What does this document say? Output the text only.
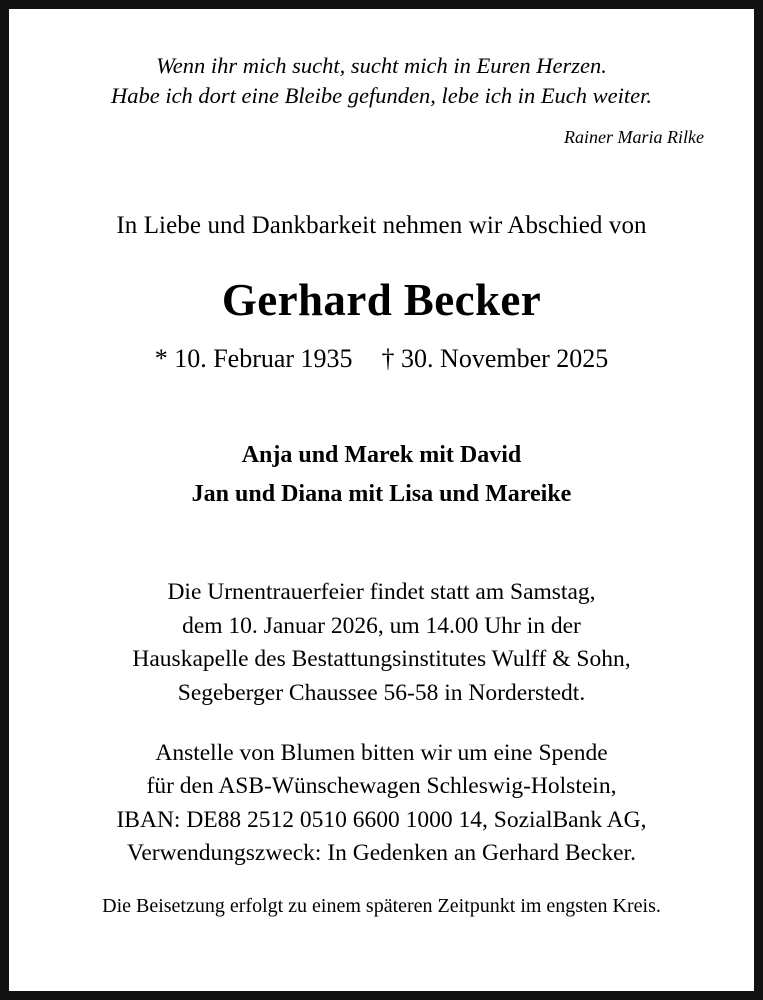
Wenn ihr mich sucht, sucht mich in Euren Herzen.
Habe ich dort eine Bleibe gefunden, lebe ich in Euch weiter.
Rainer Maria Rilke
In Liebe und Dankbarkeit nehmen wir Abschied von
Gerhard Becker
* 10. Februar 1935 † 30. November 2025
Anja und Marek mit David
Jan und Diana mit Lisa und Mareike
Die Urnentrauerfeier findet statt am Samstag,
dem 10. Januar 2026, um 14.00 Uhr in der
Hauskapelle des Bestattungsinstitutes Wulff & Sohn,
Segeberger Chaussee 56-58 in Norderstedt.
Anstelle von Blumen bitten wir um eine Spende
für den ASB-Wünschewagen Schleswig-Holstein,
IBAN: DE88 2512 0510 6600 1000 14, SozialBank AG,
Verwendungszweck: In Gedenken an Gerhard Becker.
Die Beisetzung erfolgt zu einem späteren Zeitpunkt im engsten Kreis.
